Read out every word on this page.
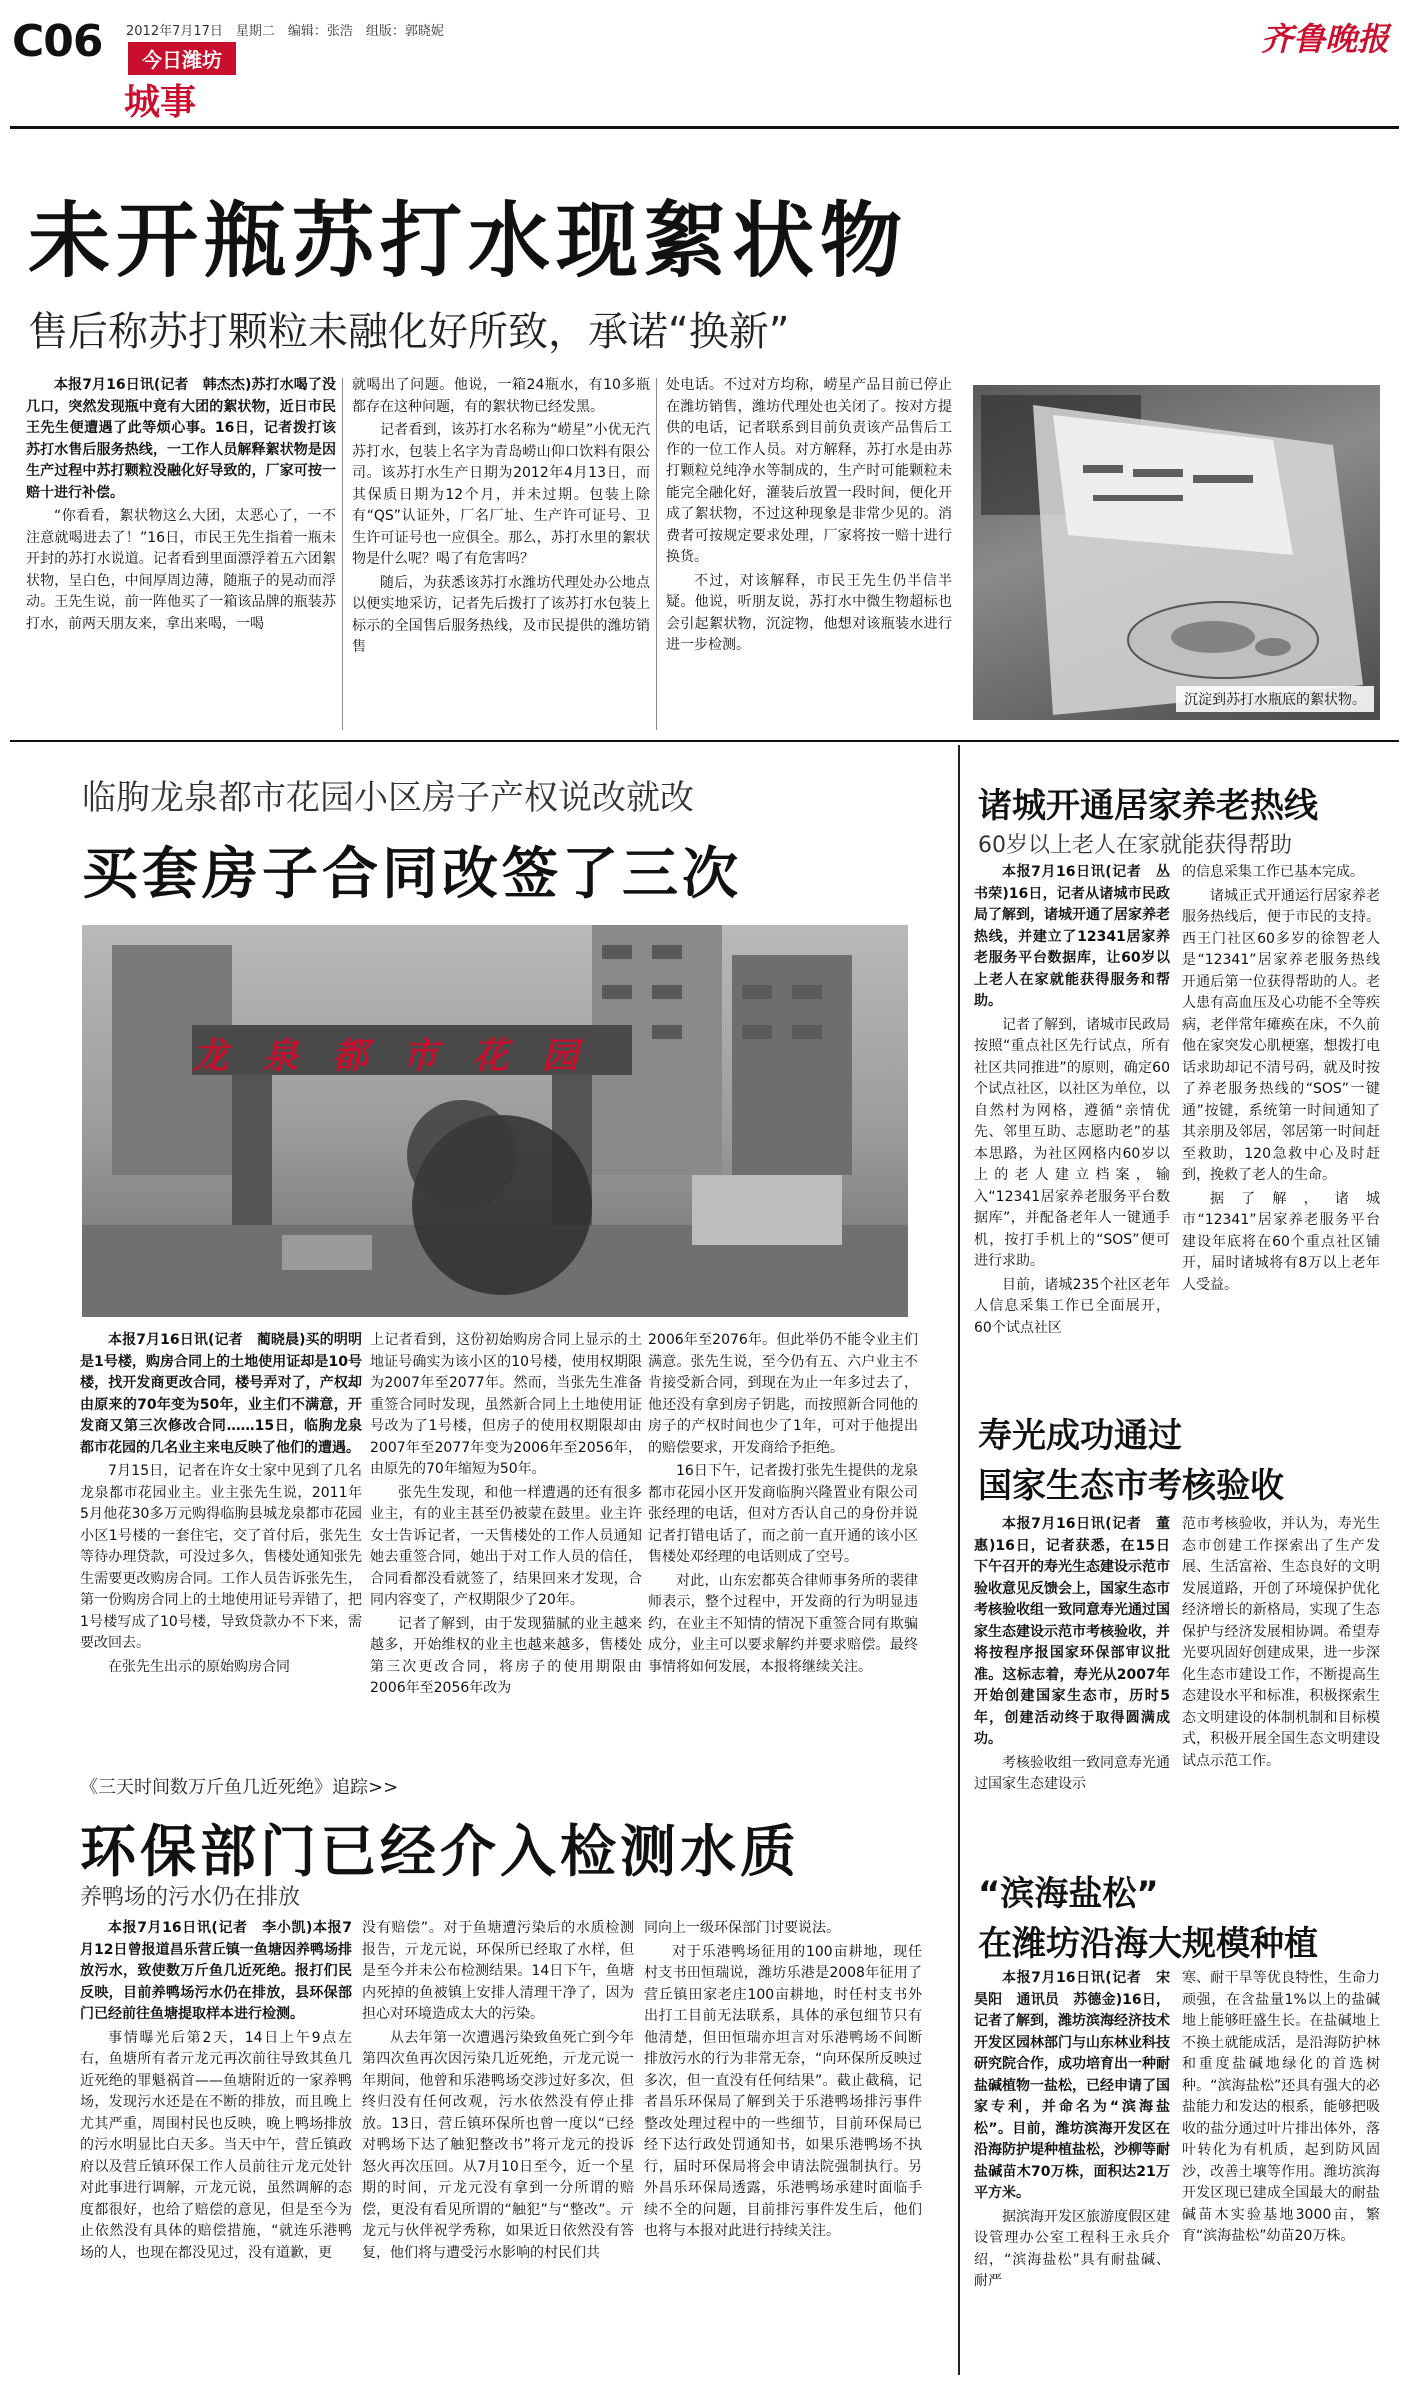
C06 2012年7月17日　星期二　编辑：张浩　组版：郭晓妮
今日潍坊
城事
齐鲁晚报
未开瓶苏打水现絮状物
售后称苏打颗粒未融化好所致，承诺“换新”

本报7月16日讯(记者　韩杰杰)苏打水喝了没几口，突然发现瓶中竟有大团的絮状物，近日市民王先生便遭遇了此等烦心事。16日，记者拨打该苏打水售后服务热线，一工作人员解释絮状物是因生产过程中苏打颗粒没融化好导致的，厂家可按一赔十进行补偿。

“你看看，絮状物这么大团，太恶心了，一不注意就喝进去了！”16日，市民王先生指着一瓶未开封的苏打水说道。记者看到里面漂浮着五六团絮状物，呈白色，中间厚周边薄，随瓶子的晃动而浮动。王先生说，前一阵他买了一箱该品牌的瓶装苏打水，前两天朋友来，拿出来喝，一喝

就喝出了问题。他说，一箱24瓶水，有10多瓶都存在这种问题，有的絮状物已经发黑。

记者看到，该苏打水名称为“崂星”小优无汽苏打水，包装上名字为青岛崂山仰口饮料有限公司。该苏打水生产日期为2012年4月13日，而其保质日期为12个月，并未过期。包装上除有“QS”认证外，厂名厂址、生产许可证号、卫生许可证号也一应俱全。那么，苏打水里的絮状物是什么呢？喝了有危害吗？

随后，为获悉该苏打水潍坊代理处办公地点以便实地采访，记者先后拨打了该苏打水包装上标示的全国售后服务热线，及市民提供的潍坊销售

处电话。不过对方均称，崂星产品目前已停止在潍坊销售，潍坊代理处也关闭了。按对方提供的电话，记者联系到目前负责该产品售后工作的一位工作人员。对方解释，苏打水是由苏打颗粒兑纯净水等制成的，生产时可能颗粒未能完全融化好，灌装后放置一段时间，便化开成了絮状物，不过这种现象是非常少见的。消费者可按规定要求处理，厂家将按一赔十进行换货。

不过，对该解释，市民王先生仍半信半疑。他说，听朋友说，苏打水中微生物超标也会引起絮状物，沉淀物，他想对该瓶装水进行进一步检测。

沉淀到苏打水瓶底的絮状物。
临朐龙泉都市花园小区房子产权说改就改
买套房子合同改签了三次
龙泉都市花园

本报7月16日讯(记者　蔺晓晨)买的明明是1号楼，购房合同上的土地使用证却是10号楼，找开发商更改合同，楼号弄对了，产权却由原来的70年变为50年，业主们不满意，开发商又第三次修改合同……15日，临朐龙泉都市花园的几名业主来电反映了他们的遭遇。

7月15日，记者在许女士家中见到了几名龙泉都市花园业主。业主张先生说，2011年5月他花30多万元购得临朐县城龙泉都市花园小区1号楼的一套住宅，交了首付后，张先生等待办理贷款，可没过多久，售楼处通知张先生需要更改购房合同。工作人员告诉张先生，第一份购房合同上的土地使用证号弄错了，把1号楼写成了10号楼，导致贷款办不下来，需要改回去。

在张先生出示的原始购房合同

上记者看到，这份初始购房合同上显示的土地证号确实为该小区的10号楼，使用权期限为2007年至2077年。然而，当张先生准备重签合同时发现，虽然新合同上土地使用证号改为了1号楼，但房子的使用权期限却由2007年至2077年变为2006年至2056年，由原先的70年缩短为50年。

张先生发现，和他一样遭遇的还有很多业主，有的业主甚至仍被蒙在鼓里。业主许女士告诉记者，一天售楼处的工作人员通知她去重签合同，她出于对工作人员的信任，合同看都没看就签了，结果回来才发现，合同内容变了，产权期限少了20年。

记者了解到，由于发现猫腻的业主越来越多，开始维权的业主也越来越多，售楼处第三次更改合同，将房子的使用期限由2006年至2056年改为

2006年至2076年。但此举仍不能令业主们满意。张先生说，至今仍有五、六户业主不肯接受新合同，到现在为止一年多过去了，他还没有拿到房子钥匙，而按照新合同他的房子的产权时间也少了1年，可对于他提出的赔偿要求，开发商给予拒绝。

16日下午，记者拨打张先生提供的龙泉都市花园小区开发商临朐兴隆置业有限公司张经理的电话，但对方否认自己的身份并说记者打错电话了，而之前一直开通的该小区售楼处邓经理的电话则成了空号。

对此，山东宏都英合律师事务所的裴律师表示，整个过程中，开发商的行为明显违约，在业主不知情的情况下重签合同有欺骗成分，业主可以要求解约并要求赔偿。最终事情将如何发展，本报将继续关注。

《三天时间数万斤鱼几近死绝》追踪>>
环保部门已经介入检测水质
养鸭场的污水仍在排放

本报7月16日讯(记者　李小凯)本报7月12日曾报道昌乐营丘镇一鱼塘因养鸭场排放污水，致使数万斤鱼几近死绝。报打们民反映，目前养鸭场污水仍在排放，县环保部门已经前往鱼塘提取样本进行检测。

事情曝光后第2天，14日上午9点左右，鱼塘所有者亓龙元再次前往导致其鱼几近死绝的罪魁祸首——鱼塘附近的一家养鸭场，发现污水还是在不断的排放，而且晚上尤其严重，周围村民也反映，晚上鸭场排放的污水明显比白天多。当天中午，营丘镇政府以及营丘镇环保工作人员前往亓龙元处针对此事进行调解，亓龙元说，虽然调解的态度都很好，也给了赔偿的意见，但是至今为止依然没有具体的赔偿措施，“就连乐港鸭场的人，也现在都没见过，没有道歉，更

没有赔偿”。对于鱼塘遭污染后的水质检测报告，亓龙元说，环保所已经取了水样，但是至今并未公布检测结果。14日下午，鱼塘内死掉的鱼被镇上安排人清理干净了，因为担心对环境造成太大的污染。

从去年第一次遭遇污染致鱼死亡到今年第四次鱼再次因污染几近死绝，亓龙元说一年期间，他曾和乐港鸭场交涉过好多次，但终归没有任何改观，污水依然没有停止排放。13日，营丘镇环保所也曾一度以“已经对鸭场下达了触犯整改书”将亓龙元的投诉怒火再次压回。从7月10日至今，近一个星期的时间，亓龙元没有拿到一分所谓的赔偿，更没有看见所谓的“触犯”与“整改”。亓龙元与伙伴祝学秀称，如果近日依然没有答复，他们将与遭受污水影响的村民们共

同向上一级环保部门讨要说法。

对于乐港鸭场征用的100亩耕地，现任村支书田恒瑞说，潍坊乐港是2008年征用了营丘镇田家老庄100亩耕地，时任村支书外出打工目前无法联系，具体的承包细节只有他清楚，但田恒瑞亦坦言对乐港鸭场不间断排放污水的行为非常无奈，“向环保所反映过多次，但一直没有任何结果”。截止截稿，记者昌乐环保局了解到关于乐港鸭场排污事件整改处理过程中的一些细节，目前环保局已经下达行政处罚通知书，如果乐港鸭场不执行，届时环保局将会申请法院强制执行。另外昌乐环保局透露，乐港鸭场承建时面临手续不全的问题，目前排污事件发生后，他们也将与本报对此进行持续关注。

诸城开通居家养老热线
60岁以上老人在家就能获得帮助

本报7月16日讯(记者　丛书荣)16日，记者从诸城市民政局了解到，诸城开通了居家养老热线，并建立了12341居家养老服务平台数据库，让60岁以上老人在家就能获得服务和帮助。

记者了解到，诸城市民政局按照“重点社区先行试点，所有社区共同推进”的原则，确定60个试点社区，以社区为单位，以自然村为网格，遵循“亲情优先、邻里互助、志愿助老”的基本思路，为社区网格内60岁以上的老人建立档案，输入“12341居家养老服务平台数据库”，并配备老年人一键通手机，按打手机上的“SOS”便可进行求助。

目前，诸城235个社区老年人信息采集工作已全面展开，60个试点社区

的信息采集工作已基本完成。

诸城正式开通运行居家养老服务热线后，便于市民的支持。西王门社区60多岁的徐智老人是“12341”居家养老服务热线开通后第一位获得帮助的人。老人患有高血压及心功能不全等疾病，老伴常年瘫痪在床，不久前他在家突发心肌梗塞，想拨打电话求助却记不清号码，就及时按了养老服务热线的“SOS”一键通”按键，系统第一时间通知了其亲朋及邻居，邻居第一时间赶至救助，120急救中心及时赶到，挽救了老人的生命。

据了解，诸城市“12341”居家养老服务平台建设年底将在60个重点社区铺开，届时诸城将有8万以上老年人受益。

寿光成功通过
国家生态市考核验收

本报7月16日讯(记者　董惠)16日，记者获悉，在15日下午召开的寿光生态建设示范市验收意见反馈会上，国家生态市考核验收组一致同意寿光通过国家生态建设示范市考核验收，并将按程序报国家环保部审议批准。这标志着，寿光从2007年开始创建国家生态市，历时5年，创建活动终于取得圆满成功。

考核验收组一致同意寿光通过国家生态建设示

范市考核验收，并认为，寿光生态市创建工作探索出了生产发展、生活富裕、生态良好的文明发展道路，开创了环境保护优化经济增长的新格局，实现了生态保护与经济发展相协调。希望寿光要巩固好创建成果，进一步深化生态市建设工作，不断提高生态建设水平和标准，积极探索生态文明建设的体制机制和目标模式，积极开展全国生态文明建设试点示范工作。

“滨海盐松”
在潍坊沿海大规模种植

本报7月16日讯(记者　宋昊阳　通讯员　苏德金)16日，记者了解到，潍坊滨海经济技术开发区园林部门与山东林业科技研究院合作，成功培育出一种耐盐碱植物一盐松，已经申请了国家专利，并命名为“滨海盐松”。目前，潍坊滨海开发区在沿海防护堤种植盐松，沙柳等耐盐碱苗木70万株，面积达21万平方米。

据滨海开发区旅游度假区建设管理办公室工程科王永兵介绍，“滨海盐松”具有耐盐碱、耐严

寒、耐干旱等优良特性，生命力顽强，在含盐量1%以上的盐碱地上能够旺盛生长。在盐碱地上不换土就能成活，是沿海防护林和重度盐碱地绿化的首选树种。“滨海盐松”还具有强大的必盐能力和发达的根系，能够把吸收的盐分通过叶片排出体外，落叶转化为有机质，起到防风固沙，改善土壤等作用。潍坊滨海开发区现已建成全国最大的耐盐碱苗木实验基地3000亩，繁育“滨海盐松”幼苗20万株。
